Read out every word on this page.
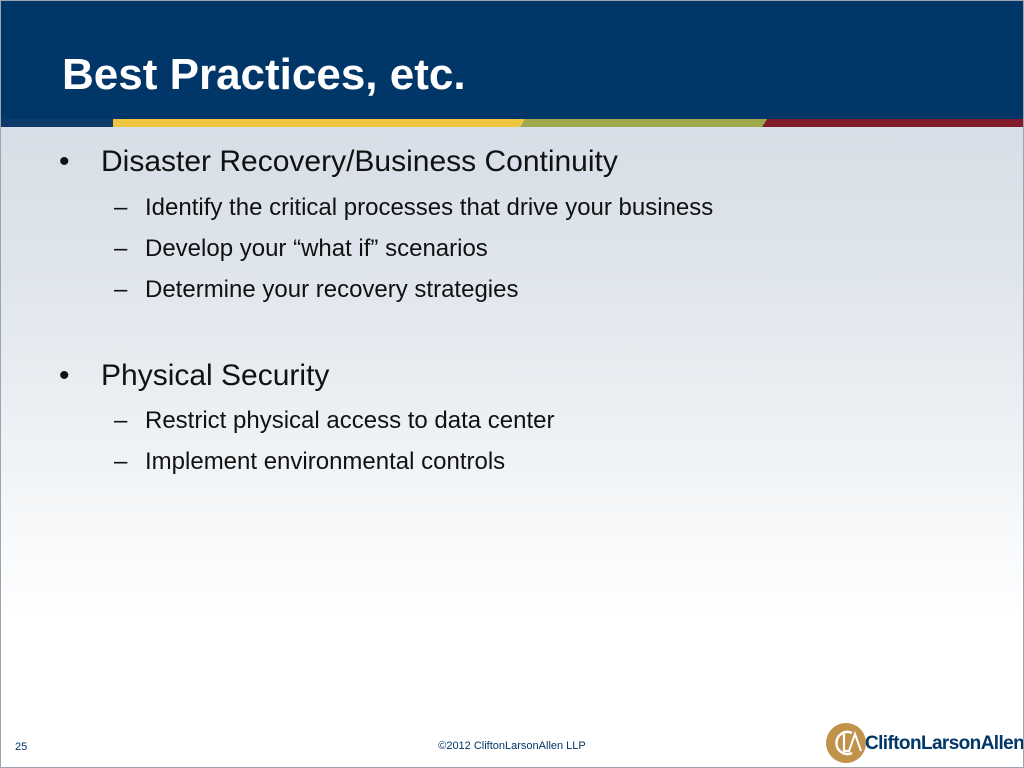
Best Practices, etc.
• Disaster Recovery/Business Continuity
– Identify the critical processes that drive your business
– Develop your “what if” scenarios
– Determine your recovery strategies
• Physical Security
– Restrict physical access to data center
– Implement environmental controls
25	©2012 CliftonLarsonAllen LLP	CliftonLarsonAllen
